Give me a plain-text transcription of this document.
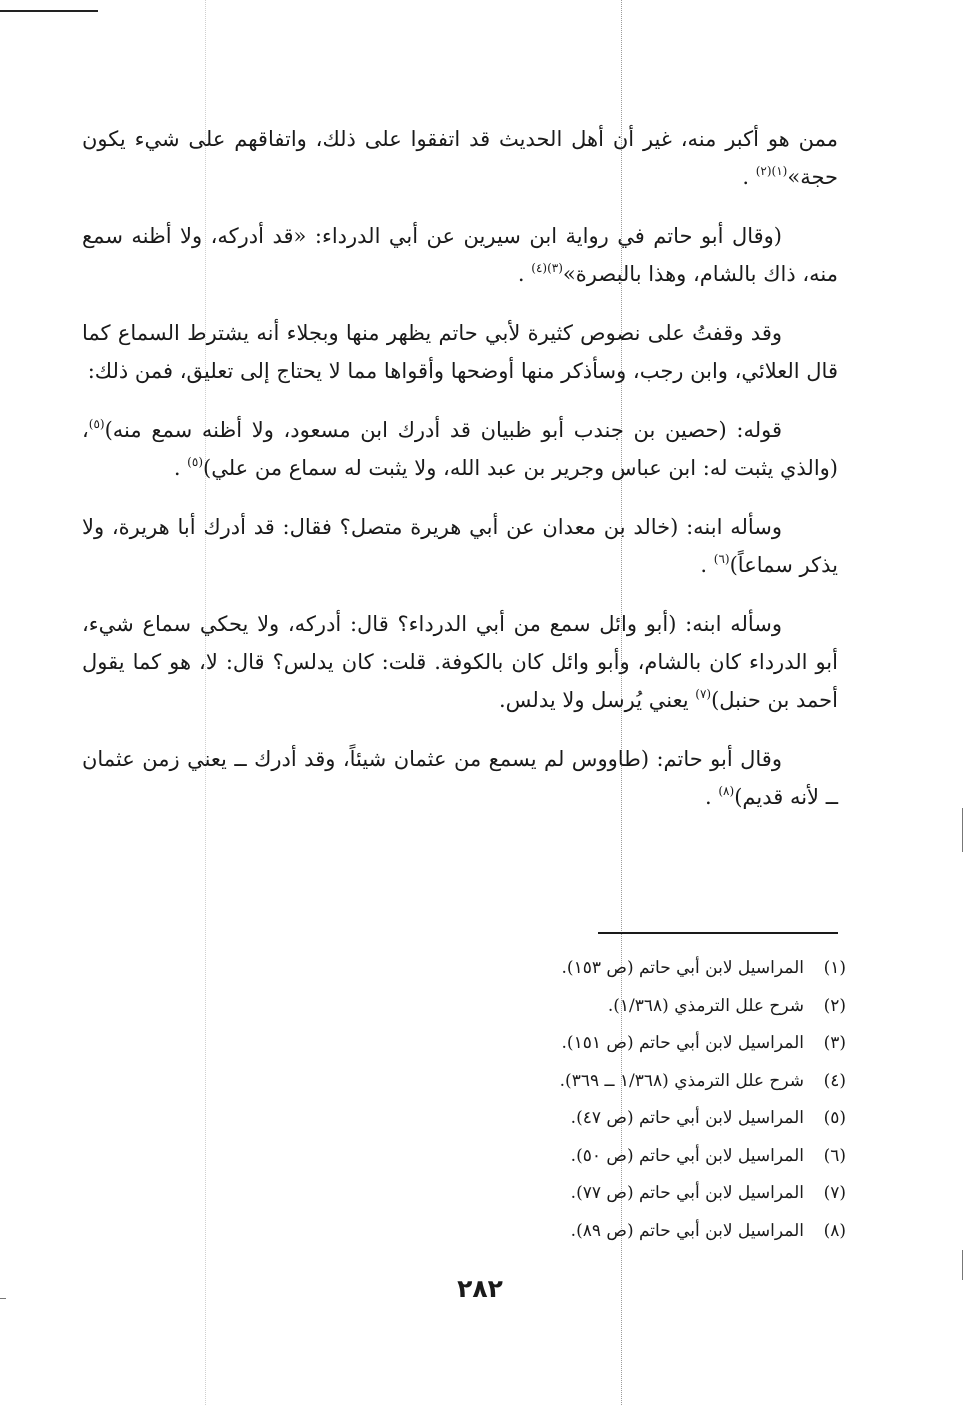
ممن هو أكبر منه، غير أن أهل الحديث قد اتفقوا على ذلك، واتفاقهم على شيء يكون حجة»$^{(١)(٢)}$ .

(وقال أبو حاتم في رواية ابن سيرين عن أبي الدرداء: «قد أدركه، ولا أظنه سمع منه، ذاك بالشام، وهذا بالبصرة»$^{(٣)(٤)}$ .

وقد وقفتُ على نصوص كثيرة لأبي حاتم يظهر منها وبجلاء أنه يشترط السماع كما قال العلائي، وابن رجب، وسأذكر منها أوضحها وأقواها مما لا يحتاج إلى تعليق، فمن ذلك:

قوله: (حصين بن جندب أبو ظبيان قد أدرك ابن مسعود، ولا أظنه سمع منه)$^{(٥)}$، (والذي يثبت له: ابن عباس وجرير بن عبد الله، ولا يثبت له سماع من علي)$^{(٥)}$ .

وسأله ابنه: (خالد بن معدان عن أبي هريرة متصل؟ فقال: قد أدرك أبا هريرة، ولا يذكر سماعاً)$^{(٦)}$ .

وسأله ابنه: (أبو وائل سمع من أبي الدرداء؟ قال: أدركه، ولا يحكي سماع شيء، أبو الدرداء كان بالشام، وأبو وائل كان بالكوفة. قلت: كان يدلس؟ قال: لا، هو كما يقول أحمد بن حنبل)$^{(٧)}$ يعني يُرسل ولا يدلس.

وقال أبو حاتم: (طاووس لم يسمع من عثمان شيئاً، وقد أدرك ــ يعني زمن عثمان ــ لأنه قديم)$^{(٨)}$ .

(١)المراسيل لابن أبي حاتم (ص ١٥٣).
(٢)شرح علل الترمذي (١/٣٦٨).
(٣)المراسيل لابن أبي حاتم (ص ١٥١).
(٤)شرح علل الترمذي (١/٣٦٨ ــ ٣٦٩).
(٥)المراسيل لابن أبي حاتم (ص ٤٧).
(٦)المراسيل لابن أبي حاتم (ص ٥٠).
(٧)المراسيل لابن أبي حاتم (ص ٧٧).
(٨)المراسيل لابن أبي حاتم (ص ٨٩).
٢٨٢
